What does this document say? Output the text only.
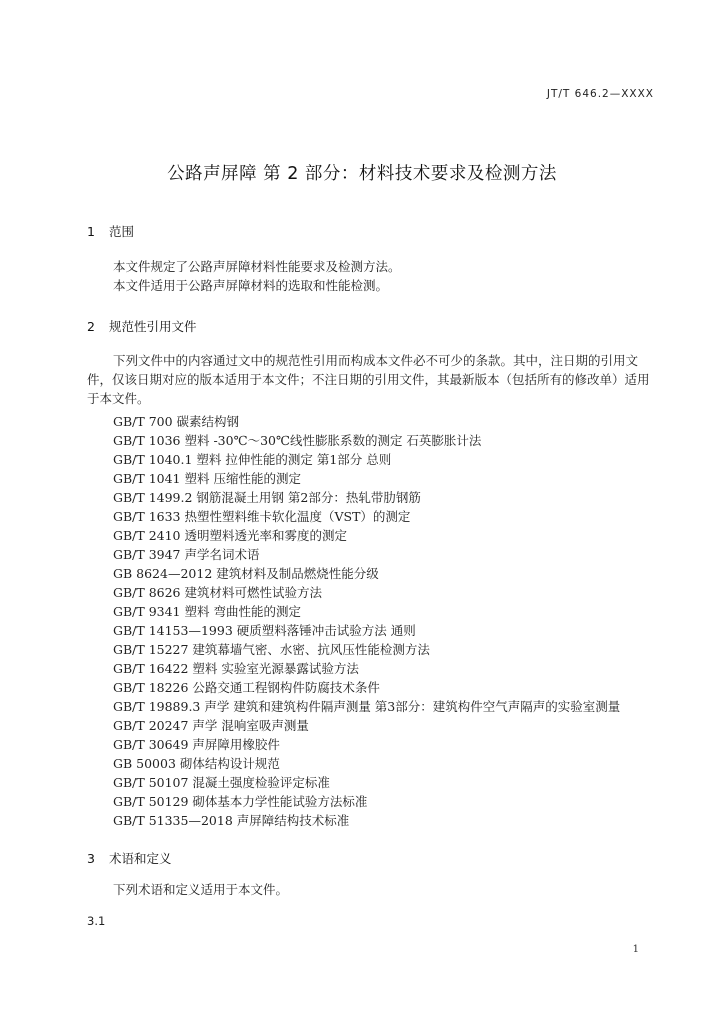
JT/T 646.2—XXXX
公路声屏障 第 2 部分：材料技术要求及检测方法
1 范围
本文件规定了公路声屏障材料性能要求及检测方法。
本文件适用于公路声屏障材料的选取和性能检测。
2 规范性引用文件
下列文件中的内容通过文中的规范性引用而构成本文件必不可少的条款。其中，注日期的引用文件，仅该日期对应的版本适用于本文件；不注日期的引用文件，其最新版本（包括所有的修改单）适用于本文件。
GB/T 700 碳素结构钢
GB/T 1036 塑料 -30℃～30℃线性膨胀系数的测定 石英膨胀计法
GB/T 1040.1 塑料 拉伸性能的测定 第1部分 总则
GB/T 1041 塑料 压缩性能的测定
GB/T 1499.2 钢筋混凝土用钢 第2部分：热轧带肋钢筋
GB/T 1633 热塑性塑料维卡软化温度（VST）的测定
GB/T 2410 透明塑料透光率和雾度的测定
GB/T 3947 声学名词术语
GB 8624—2012 建筑材料及制品燃烧性能分级
GB/T 8626 建筑材料可燃性试验方法
GB/T 9341 塑料 弯曲性能的测定
GB/T 14153—1993 硬质塑料落锤冲击试验方法 通则
GB/T 15227 建筑幕墙气密、水密、抗风压性能检测方法
GB/T 16422 塑料 实验室光源暴露试验方法
GB/T 18226 公路交通工程钢构件防腐技术条件
GB/T 19889.3 声学 建筑和建筑构件隔声测量 第3部分：建筑构件空气声隔声的实验室测量
GB/T 20247 声学 混响室吸声测量
GB/T 30649 声屏障用橡胶件
GB 50003 砌体结构设计规范
GB/T 50107 混凝土强度检验评定标准
GB/T 50129 砌体基本力学性能试验方法标准
GB/T 51335—2018 声屏障结构技术标准
3 术语和定义
下列术语和定义适用于本文件。
3.1
1
